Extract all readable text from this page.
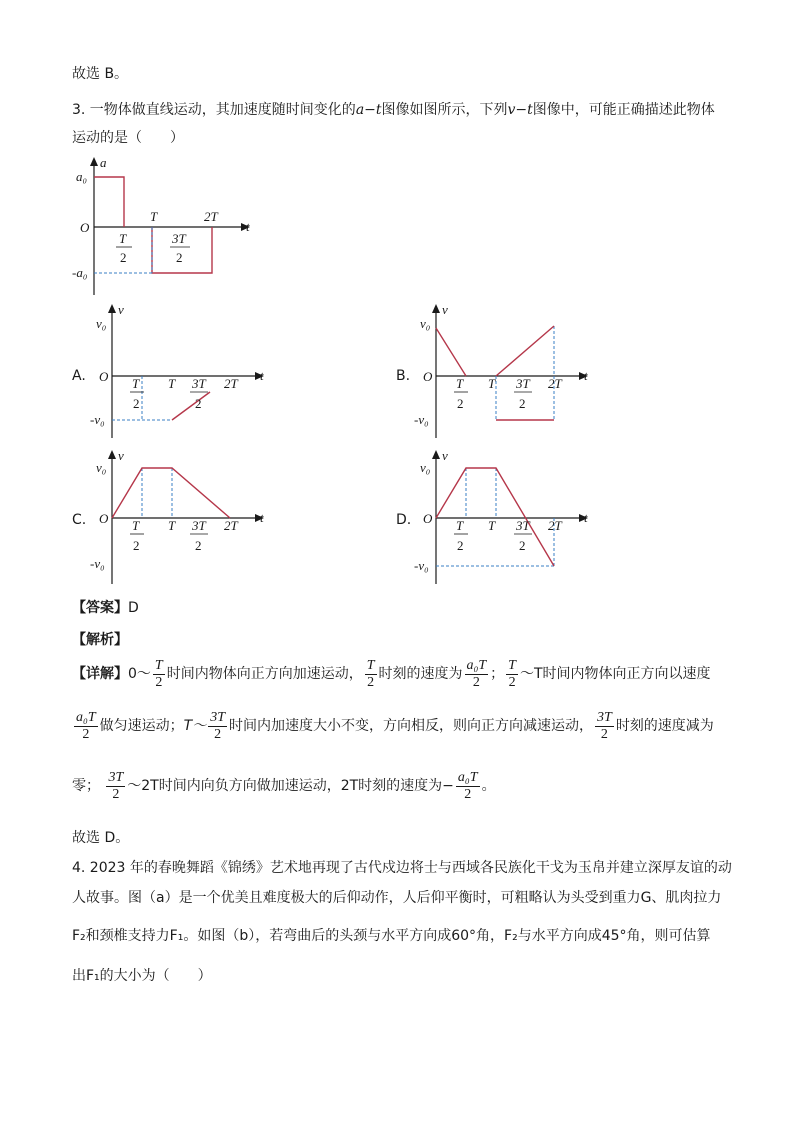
故选 B。
3. 一物体做直线运动，其加速度随时间变化的a−t图像如图所示，下列v−t图像中，可能正确描述此物体
运动的是（　　）
a
a₀
O
-a₀
t
T	2T
T
2
3T
2
A.
v
v₀
O
-v₀
t
T	2T
T
2
3T
2
B.
v
v₀
O
-v₀
t
T	2T
T
2
3T
2
C.
v
v₀
O
-v₀
t
T	2T
T
2
3T
2
D.
v
v₀
O
-v₀
t
T	2T
T
2
3T
2
【答案】D
【解析】
【详解】0～ $\frac{T}{2}$ 时间内物体向正方向加速运动， $\frac{T}{2}$ 时刻的速度为 $\frac{\text{a₀T}}{2}$ ； $\frac{T}{2}$ ～T时间内物体向正方向以速度
$\frac{\text{a₀T}}{2}$ 做匀速运动；T～ $\frac{3T}{2}$ 时间内加速度大小不变，方向相反，则向正方向减速运动， $\frac{3T}{2}$ 时刻的速度减为
零； $\frac{3T}{2}$ ～2T时间内向负方向做加速运动，2T时刻的速度为− $\frac{\text{a₀T}}{2}$ 。
故选 D。
4. 2023 年的春晚舞蹈《锦绣》艺术地再现了古代戍边将士与西域各民族化干戈为玉帛并建立深厚友谊的动
人故事。图（a）是一个优美且难度极大的后仰动作，人后仰平衡时，可粗略认为头受到重力G、肌肉拉力
F₂和颈椎支持力F₁。如图（b），若弯曲后的头颈与水平方向成60°角，F₂与水平方向成45°角，则可估算
出F₁的大小为（　　）
